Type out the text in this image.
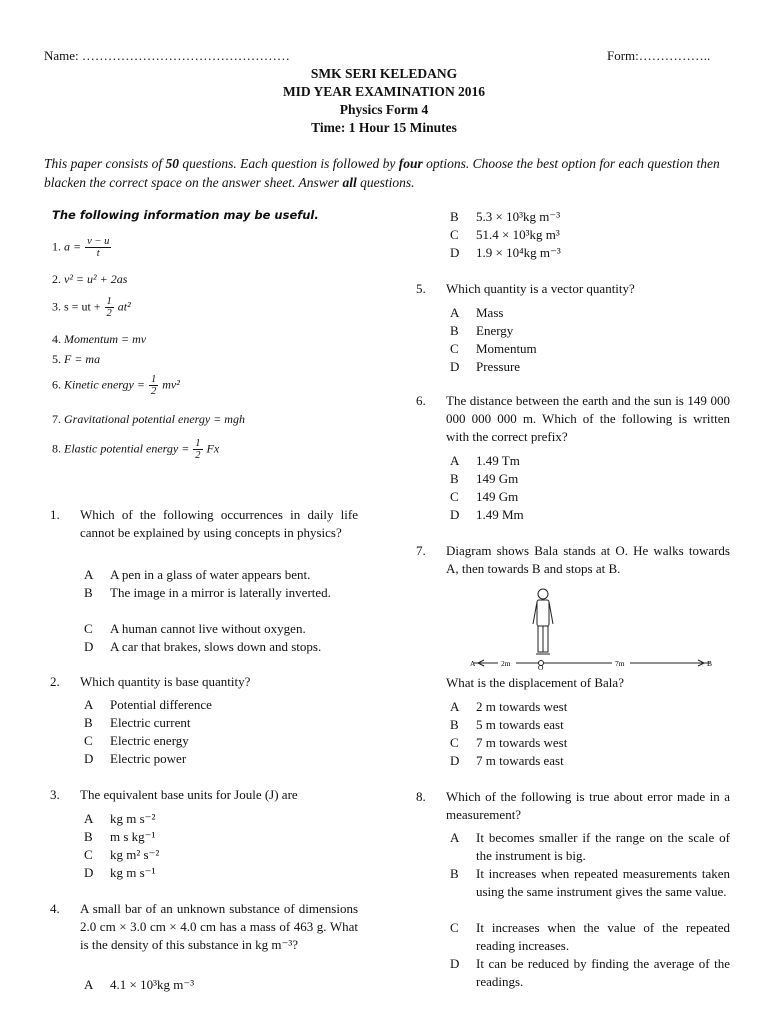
Name: …………………………………………	Form:……………..
SMK SERI KELEDANG
MID YEAR EXAMINATION 2016
Physics Form 4
Time: 1 Hour 15 Minutes
This paper consists of 50 questions. Each question is followed by four options. Choose the best option for each question then blacken the correct space on the answer sheet. Answer all questions.
The following information may be useful.
1. $a = \frac{v - u}{t}$
2. v² = u² + 2as
3. s = ut + $\frac{1}{2} at^2$
4. Momentum = mv
5. F = ma
6. Kinetic energy = $\frac{1}{2} mv^2$
7. Gravitational potential energy = mgh
8. Elastic potential energy = $\frac{1}{2}$ Fx
1. Which of the following occurrences in daily life cannot be explained by using concepts in physics?
A A pen in a glass of water appears bent.
B The image in a mirror is laterally inverted.
C A human cannot live without oxygen.
D A car that brakes, slows down and stops.
2. Which quantity is base quantity?
A Potential difference
B Electric current
C Electric energy
D Electric power
3. The equivalent base units for Joule (J) are
A kg m s⁻²
B m s kg⁻¹
C kg m² s⁻²
D kg m s⁻¹
4. A small bar of an unknown substance of dimensions 2.0 cm × 3.0 cm × 4.0 cm has a mass of 463 g. What is the density of this substance in kg m⁻³?
A 4.1 × 10³kg m⁻³
B 5.3 × 10³kg m⁻³
C 51.4 × 10³kg m³
D 1.9 × 10⁴kg m⁻³
5. Which quantity is a vector quantity?
A Mass
B Energy
C Momentum
D Pressure
6. The distance between the earth and the sun is 149 000 000 000 000 m. Which of the following is written with the correct prefix?
A 1.49 Tm
B 149 Gm
C 149 Gm
D 1.49 Mm
7. Diagram shows Bala stands at O. He walks towards A, then towards B and stops at B.
A	O	B
2m	7m
What is the displacement of Bala?
A 2 m towards west
B 5 m towards east
C 7 m towards west
D 7 m towards east
8. Which of the following is true about error made in a measurement?
A It becomes smaller if the range on the scale of the instrument is big.
B It increases when repeated measurements taken using the same instrument gives the same value.
C It increases when the value of the repeated reading increases.
D It can be reduced by finding the average of the readings.
